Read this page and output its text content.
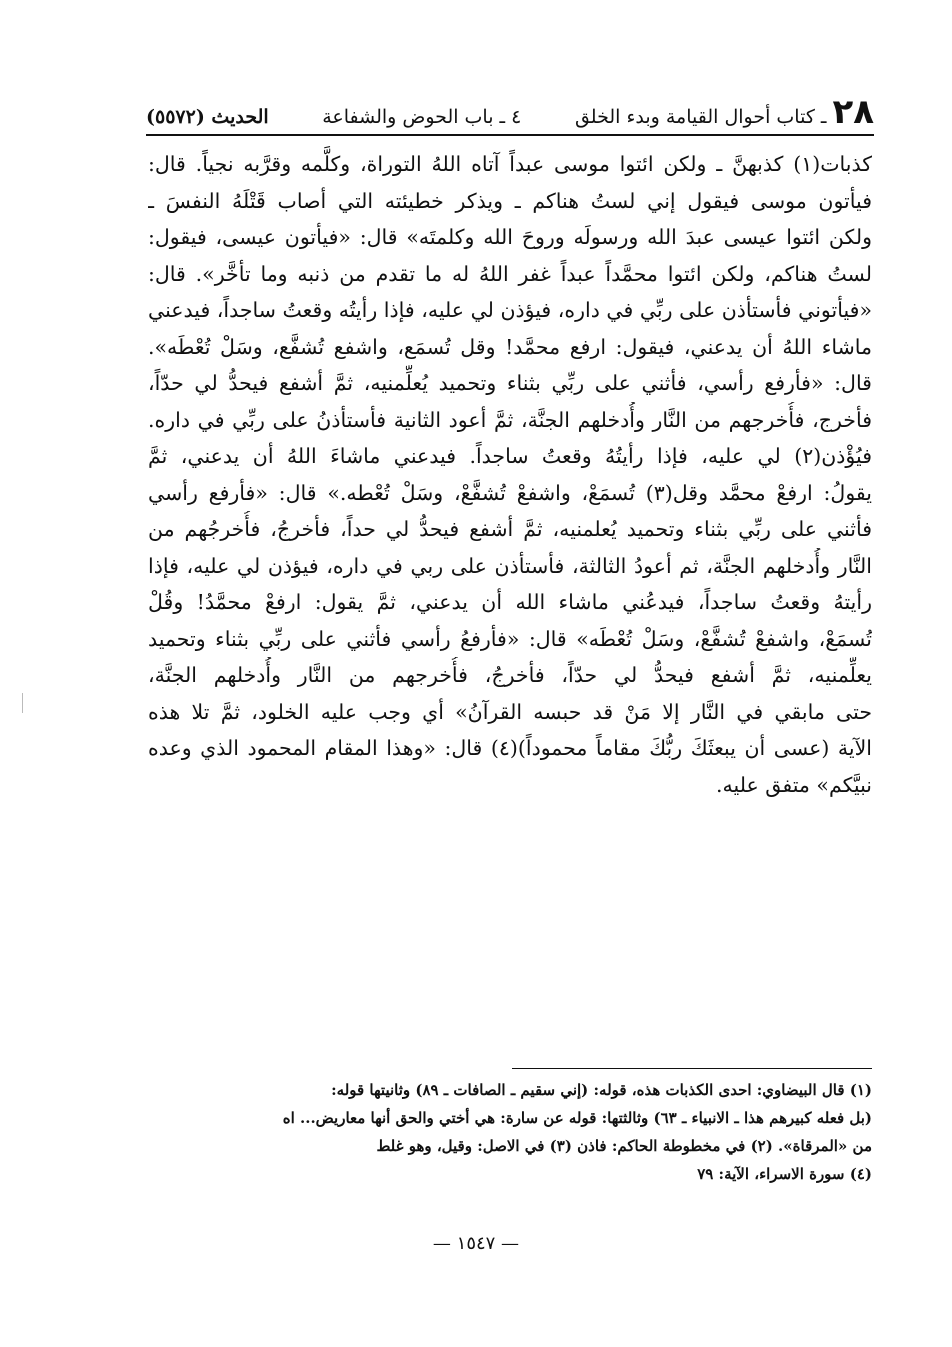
٢٨
ـ كتاب أحوال القيامة وبدء الخلق
٤ ـ باب الحوض والشفاعة
الحديث (٥٥٧٢)
كذبات(١) كذبهنَّ ـ ولكن ائتوا موسى عبداً آتاه اللهُ التوراة، وكلَّمه وقرَّبه نجياً. قال:
فيأتون موسى فيقول إني لستُ هناكم ـ ويذكر خطيئته التي أصاب قَتْلَهُ النفسَ ـ
ولكن ائتوا عيسى عبدَ الله ورسولَه وروحَ الله وكلمتَه» قال: «فيأتون عيسى، فيقول:
لستُ هناكم، ولكن ائتوا محمَّداً عبداً غفر اللهُ له ما تقدم من ذنبه وما تأخَّر». قال:
«فيأتوني فأستأذن على ربِّي في داره، فيؤذن لي عليه، فإذا رأيتُه وقعتُ ساجداً، فيدعني
ماشاء اللهُ أن يدعني، فيقول: ارفع محمَّد! وقل تُسمَع، واشفع تُشفَّع، وسَلْ تُعْطَه».
قال: «فأرفع رأسي، فأثني على ربِّي بثناء وتحميد يُعلِّمنيه، ثمَّ أشفع فيحدُّ لي حدّاً،
فأخرج، فأُخرجهم من النَّار وأُدخلهم الجنَّة، ثمَّ أعود الثانية فأستأذنُ على ربِّي في داره.
فيُؤْذن(٢) لي عليه، فإذا رأيتُهُ وقعتُ ساجداً. فيدعني ماشاءَ اللهُ أن يدعني، ثمَّ
يقولُ: ارفعْ محمَّد وقل(٣) تُسمَعْ، واشفعْ تُشفَّعْ، وسَلْ تُعْطه.» قال: «فأرفع رأسي
فأثني على ربِّي بثناء وتحميد يُعلمنيه، ثمَّ أشفع فيحدُّ لي حداً، فأخرجُ، فأُخرجُهم من
النَّار وأُدخلهم الجنَّة، ثم أعودُ الثالثة، فأستأذن على ربي في داره، فيؤذن لي عليه، فإذا
رأيتهُ وقعتُ ساجداً، فيدعُني ماشاء الله أن يدعني، ثمَّ يقول: ارفعْ محمَّدُ! وقُلْ
تُسمَعْ، واشفعْ تُشفَّعْ، وسَلْ تُعْطَه» قال: «فأرفعُ رأسي فأثني على ربِّي بثناء وتحميد
يعلِّمنيه، ثمَّ أشفع فيحدُّ لي حدّاً، فأخرجُ، فأُخرجهم من النَّار وأُدخلهم الجنَّة،
حتى مابقي في النَّار إلا مَنْ قد حبسه القرآنُ» أي وجب عليه الخلود، ثمَّ تلا هذه
الآية (عسى أن يبعثَكَ ربُّكَ مقاماً محموداً)(٤) قال: «وهذا المقام المحمود الذي وعده
نبيَّكم» متفق عليه.
(١) قال البيضاوي: احدى الكذبات هذه، قوله: (إني سقيم ـ الصافات ـ ٨٩) وثانيتها قوله:
(بل فعله كبيرهم هذا ـ الانبياء ـ ٦٣) وثالثتها: قوله عن سارة: هي أختي والحق أنها معاريض... اه
من «المرقاة». (٢) في مخطوطة الحاكم: فاذن (٣) في الاصل: وقيل، وهو غلط
(٤) سورة الاسراء، الآية: ٧٩
— ١٥٤٧ —
